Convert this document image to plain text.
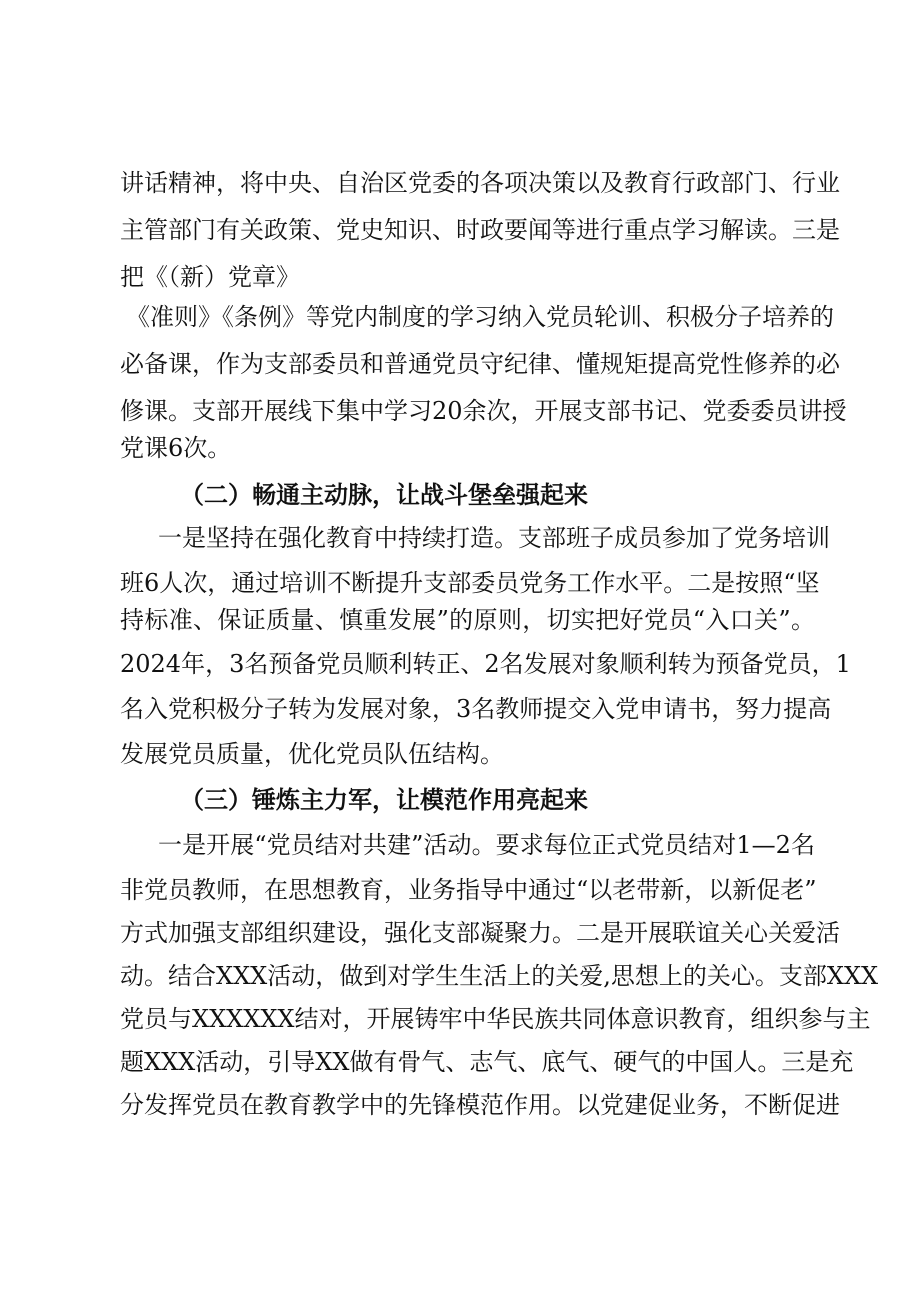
讲话精神，将中央、自治区党委的各项决策以及教育行政部门、行业
主管部门有关政策、党史知识、时政要闻等进行重点学习解读。三是
把《（新）党章》
《准则》《条例》等党内制度的学习纳入党员轮训、积极分子培养的
必备课，作为支部委员和普通党员守纪律、懂规矩提高党性修养的必
修课。支部开展线下集中学习20余次，开展支部书记、党委委员讲授
党课6次。
（二）畅通主动脉，让战斗堡垒强起来
一是坚持在强化教育中持续打造。支部班子成员参加了党务培训
班6人次，通过培训不断提升支部委员党务工作水平。二是按照“坚
持标准、保证质量、慎重发展”的原则，切实把好党员“入口关”。
2024年，3名预备党员顺利转正、2名发展对象顺利转为预备党员，1
名入党积极分子转为发展对象，3名教师提交入党申请书，努力提高
发展党员质量，优化党员队伍结构。
（三）锤炼主力军，让模范作用亮起来
一是开展“党员结对共建”活动。要求每位正式党员结对1—2名
非党员教师，在思想教育，业务指导中通过“以老带新，以新促老”
方式加强支部组织建设，强化支部凝聚力。二是开展联谊关心关爱活
动。结合XXX活动，做到对学生生活上的关爱,思想上的关心。支部XXX
党员与XXXXXX结对，开展铸牢中华民族共同体意识教育，组织参与主
题XXX活动，引导XX做有骨气、志气、底气、硬气的中国人。三是充
分发挥党员在教育教学中的先锋模范作用。以党建促业务，不断促进
